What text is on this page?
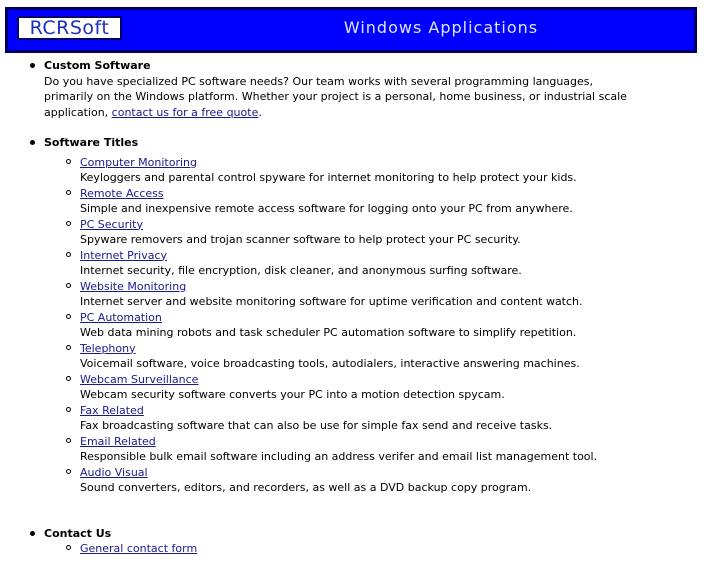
RCRSoft	Windows Applications
Custom Software
Do you have specialized PC software needs? Our team works with several programming languages, primarily on the Windows platform. Whether your project is a personal, home business, or industrial scale application, contact us for a free quote.
Software Titles
Computer Monitoring
Keyloggers and parental control spyware for internet monitoring to help protect your kids.
Remote Access
Simple and inexpensive remote access software for logging onto your PC from anywhere.
PC Security
Spyware removers and trojan scanner software to help protect your PC security.
Internet Privacy
Internet security, file encryption, disk cleaner, and anonymous surfing software.
Website Monitoring
Internet server and website monitoring software for uptime verification and content watch.
PC Automation
Web data mining robots and task scheduler PC automation software to simplify repetition.
Telephony
Voicemail software, voice broadcasting tools, autodialers, interactive answering machines.
Webcam Surveillance
Webcam security software converts your PC into a motion detection spycam.
Fax Related
Fax broadcasting software that can also be use for simple fax send and receive tasks.
Email Related
Responsible bulk email software including an address verifer and email list management tool.
Audio Visual
Sound converters, editors, and recorders, as well as a DVD backup copy program.
Contact Us
General contact form
